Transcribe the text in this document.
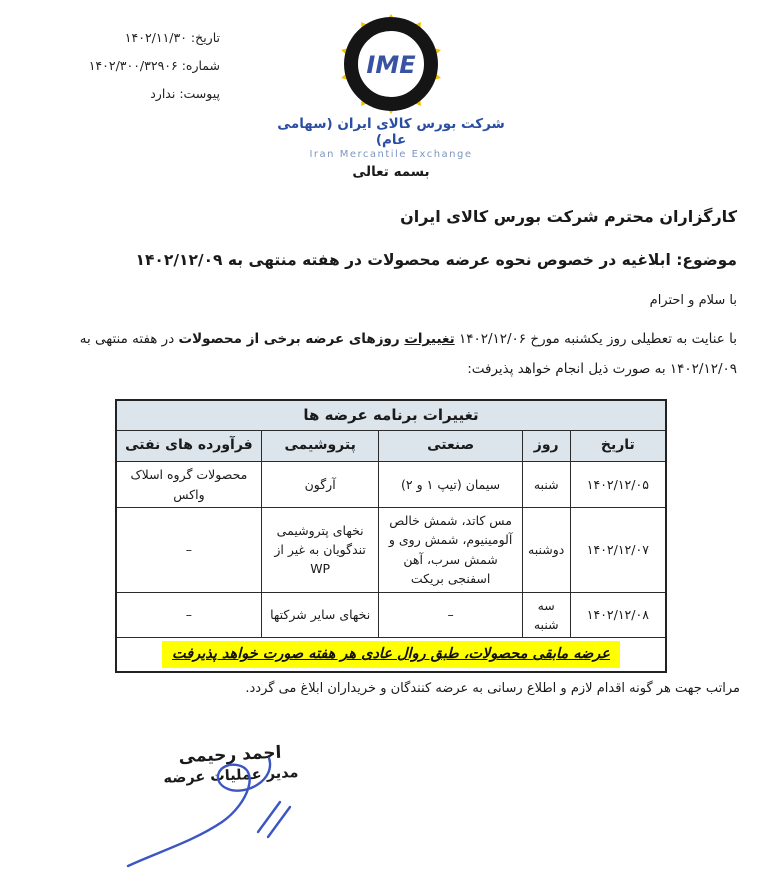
تاریخ: ۱۴۰۲/۱۱/۳۰
شماره: ۱۴۰۲/۳۰۰/۳۲۹۰۶
پیوست: ندارد
IME
شرکت بورس کالای ایران (سهامی عام)
Iran Mercantile Exchange
بسمه تعالی
کارگزاران محترم شرکت بورس کالای ایران
موضوع: ابلاغیه در خصوص نحوه عرضه محصولات در هفته منتهی به ۱۴۰۲/۱۲/۰۹
با سلام و احترام
با عنایت به تعطیلی روز یکشنبه مورخ ۱۴۰۲/۱۲/۰۶ تغییرات روزهای عرضه برخی از محصولات در هفته منتهی به
۱۴۰۲/۱۲/۰۹ به صورت ذیل انجام خواهد پذیرفت:
تغییرات برنامه عرضه ها				
تاریخ	روز	صنعتی	پتروشیمی	فرآورده های نفتی
۱۴۰۲/۱۲/۰۵	شنبه	سیمان (تیپ ۱ و ۲)	آرگون	محصولات گروه اسلاک واکس
۱۴۰۲/۱۲/۰۷	دوشنبه	مس کاتد، شمش خالص آلومینیوم، شمش روی و شمش سرب، آهن اسفنجی بریکت	نخهای پتروشیمی تندگویان به غیر از WP	–
۱۴۰۲/۱۲/۰۸	سه شنبه	–	نخهای سایر شرکتها	–
عرضه مابقی محصولات، طبق روال عادی هر هفته صورت خواهد پذیرفت				
مراتب جهت هر گونه اقدام لازم و اطلاع رسانی به عرضه کنندگان و خریداران ابلاغ می گردد.
احمد رحیمی
مدیر عملیات عرضه
